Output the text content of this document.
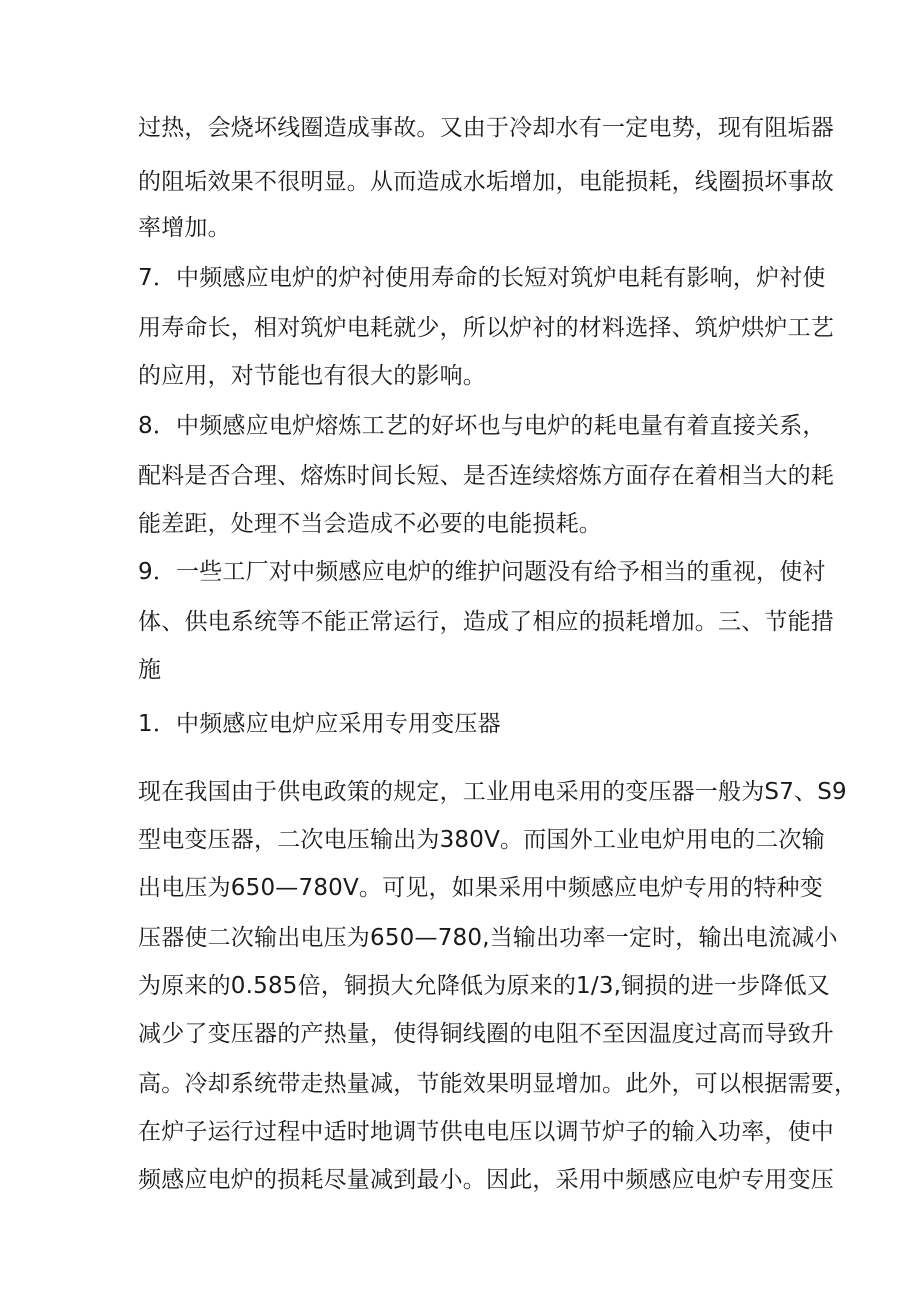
过热，会烧坏线圈造成事故。又由于冷却水有一定电势，现有阻垢器
的阻垢效果不很明显。从而造成水垢增加，电能损耗，线圈损坏事故
率增加。
7．中频感应电炉的炉衬使用寿命的长短对筑炉电耗有影响，炉衬使
用寿命长，相对筑炉电耗就少，所以炉衬的材料选择、筑炉烘炉工艺
的应用，对节能也有很大的影响。
8．中频感应电炉熔炼工艺的好坏也与电炉的耗电量有着直接关系，
配料是否合理、熔炼时间长短、是否连续熔炼方面存在着相当大的耗
能差距，处理不当会造成不必要的电能损耗。
9．一些工厂对中频感应电炉的维护问题没有给予相当的重视，使衬
体、供电系统等不能正常运行，造成了相应的损耗增加。三、节能措
施
1．中频感应电炉应采用专用变压器
现在我国由于供电政策的规定，工业用电采用的变压器一般为S7、S9
型电变压器，二次电压输出为380V。而国外工业电炉用电的二次输
出电压为650—780V。可见，如果采用中频感应电炉专用的特种变
压器使二次输出电压为650—780,当输出功率一定时，输出电流减小
为原来的0.585倍，铜损大允降低为原来的1/3,铜损的进一步降低又
减少了变压器的产热量，使得铜线圈的电阻不至因温度过高而导致升
高。冷却系统带走热量减，节能效果明显增加。此外，可以根据需要，
在炉子运行过程中适时地调节供电电压以调节炉子的输入功率，使中
频感应电炉的损耗尽量减到最小。因此，采用中频感应电炉专用变压
